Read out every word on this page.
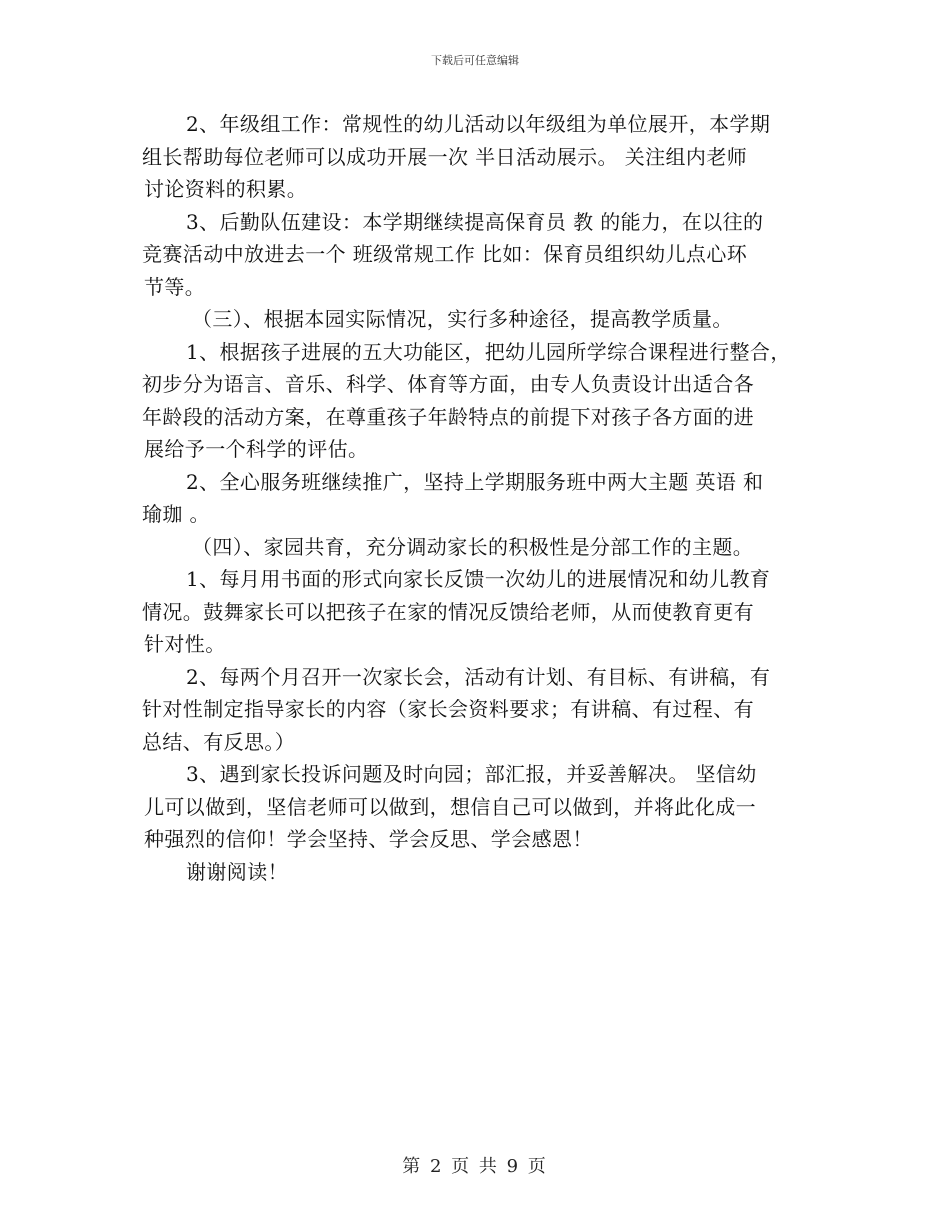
下载后可任意编辑
2、年级组工作：常规性的幼儿活动以年级组为单位展开，本学期
组长帮助每位老师可以成功开展一次 半日活动展示。 关注组内老师
讨论资料的积累。
3、后勤队伍建设：本学期继续提高保育员 教 的能力，在以往的
竞赛活动中放进去一个 班级常规工作 比如：保育员组织幼儿点心环
节等。
（三）、根据本园实际情况，实行多种途径，提高教学质量。
1、根据孩子进展的五大功能区，把幼儿园所学综合课程进行整合，
初步分为语言、音乐、科学、体育等方面，由专人负责设计出适合各
年龄段的活动方案，在尊重孩子年龄特点的前提下对孩子各方面的进
展给予一个科学的评估。
2、全心服务班继续推广，坚持上学期服务班中两大主题 英语 和
瑜珈 。
（四）、家园共育，充分调动家长的积极性是分部工作的主题。
1、每月用书面的形式向家长反馈一次幼儿的进展情况和幼儿教育
情况。鼓舞家长可以把孩子在家的情况反馈给老师，从而使教育更有
针对性。
2、每两个月召开一次家长会，活动有计划、有目标、有讲稿，有
针对性制定指导家长的内容（家长会资料要求；有讲稿、有过程、有
总结、有反思。）
3、遇到家长投诉问题及时向园；部汇报，并妥善解决。 坚信幼
儿可以做到，坚信老师可以做到，想信自己可以做到，并将此化成一
种强烈的信仰！学会坚持、学会反思、学会感恩！
谢谢阅读！
第 2 页 共 9 页
